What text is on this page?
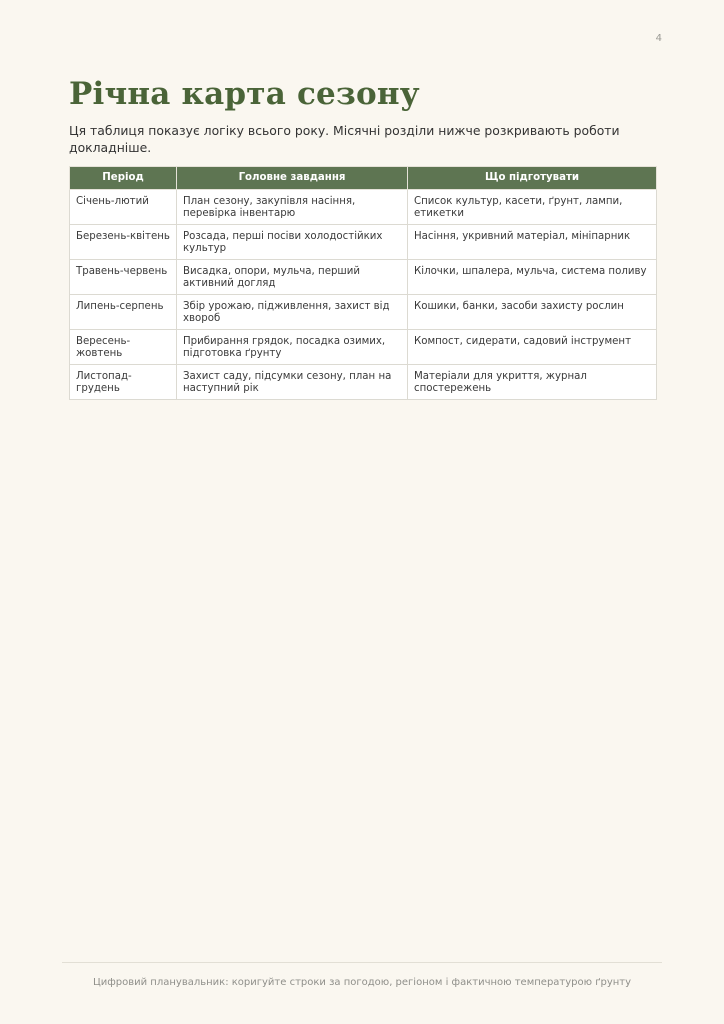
4
Річна карта сезону

Ця таблиця показує логіку всього року. Місячні розділи нижче розкривають роботи докладніше.

Період	Головне завдання	Що підготувати
Січень-лютий	План сезону, закупівля насіння, перевірка інвентарю	Список культур, касети, ґрунт, лампи, етикетки
Березень-квітень	Розсада, перші посіви холодостійких культур	Насіння, укривний матеріал, мініпарник
Травень-червень	Висадка, опори, мульча, перший активний догляд	Кілочки, шпалера, мульча, система поливу
Липень-серпень	Збір урожаю, підживлення, захист від хвороб	Кошики, банки, засоби захисту рослин
Вересень-жовтень	Прибирання грядок, посадка озимих, підготовка ґрунту	Компост, сидерати, садовий інструмент
Листопад-грудень	Захист саду, підсумки сезону, план на наступний рік	Матеріали для укриття, журнал спостережень
Цифровий планувальник: коригуйте строки за погодою, регіоном і фактичною температурою ґрунту
